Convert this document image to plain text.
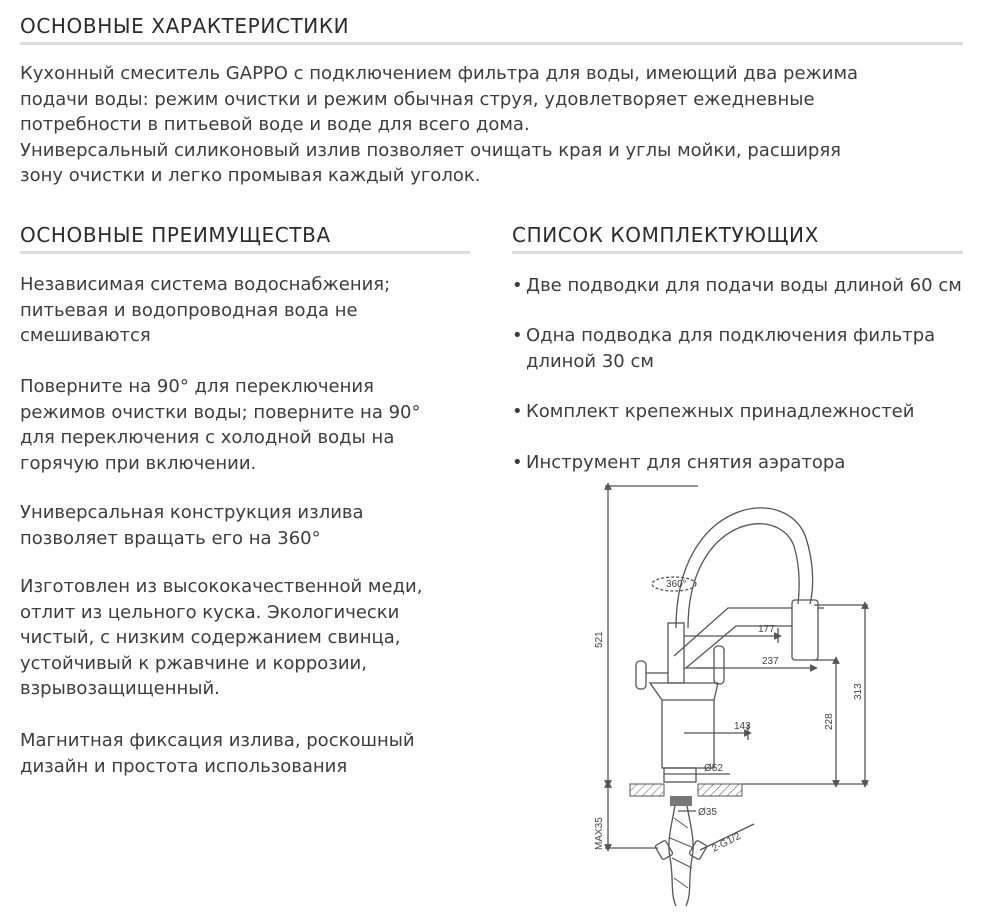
ОСНОВНЫЕ ХАРАКТЕРИСТИКИ
Кухонный смеситель GAPPO с подключением фильтра для воды, имеющий два режима
подачи воды: режим очистки и режим обычная струя, удовлетворяет ежедневные
потребности в питьевой воде и воде для всего дома.
Универсальный силиконовый излив позволяет очищать края и углы мойки, расширяя
зону очистки и легко промывая каждый уголок.
ОСНОВНЫЕ ПРЕИМУЩЕСТВА
Независимая система водоснабжения;
питьевая и водопроводная вода не
смешиваются
Поверните на 90° для переключения
режимов очистки воды; поверните на 90°
для переключения с холодной воды на
горячую при включении.
Универсальная конструкция излива
позволяет вращать его на 360°
Изготовлен из высококачественной меди,
отлит из цельного куска. Экологически
чистый, с низким содержанием свинца,
устойчивый к ржавчине и коррозии,
взрывозащищенный.
Магнитная фиксация излива, роскошный
дизайн и простота использования
СПИСОК КОМПЛЕКТУЮЩИХ
• Две подводки для подачи воды длиной 60 см
• Одна подводка для подключения фильтра
длиной 30 см
• Комплект крепежных принадлежностей
• Инструмент для снятия аэратора
360°
521
177
237
143
313
228
Ø52
Ø35
MAX35	2-G1/2
